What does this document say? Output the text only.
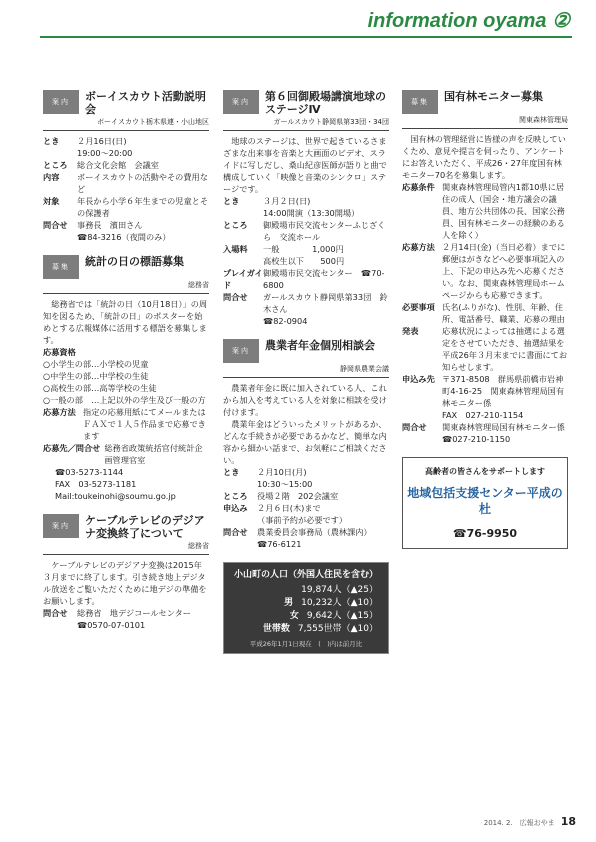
information oyama ②
案内	ボーイスカウト活動説明会
ボーイスカウト栃木県連・小山地区
とき	２月16日(日)
19:00～20:00
ところ	総合文化会館　会議室
内容	ボーイスカウトの活動やその費用など
対象	年長から小学６年生までの児童とその保護者
問合せ	事務長　濱田さん
☎84-3216（夜間のみ）
募集	統計の日の標語募集
総務省

総務省では「統計の日（10月18日）」の周知を図るため、「統計の日」のポスターを始めとする広報媒体に活用する標語を募集します。

応募資格
○小学生の部…小学校の児童
○中学生の部…中学校の生徒
○高校生の部…高等学校の生徒
○一般の部　…上記以外の学生及び一般の方
応募方法 指定の応募用紙にてメールまたはＦＡＸで１人５作品まで応募できます
応募先／問合せ 総務省政策統括官付統計企画管理官室
☎03-5273-1144
FAX　03-5273-1181
Mail:toukeinohi@soumu.go.jp
案内	ケーブルテレビのデジアナ変換終了について
総務省

ケーブルテレビのデジアナ変換は2015年３月までに終了します。引き続き地上デジタル放送をご覧いただくために地デジの準備をお願いします。

問合せ	総務省　地デジコールセンター　☎0570-07-0101
案内	第６回御殿場講演地球のステージⅣ
ガールスカウト静岡県第33団・34団

地球のステージは、世界で起きているさまざまな出来事を音楽と大画面のビデオ、スライドに写しだし、桑山紀彦医師が語りと曲で構成していく「映像と音楽のシンクロ」ステージです。

とき	３月２日(日)
14:00開演（13:30開場）
ところ	御殿場市民交流センターふじざくら　交流ホール
入場料	一般　　　　1,000円
高校生以下　　500円
プレイガイド
御殿場市民交流センター　☎70-6800
問合せ	ガールスカウト静岡県第33団　鈴木さん
☎82-0904
案内	農業者年金個別相談会
静岡県農業会議

農業者年金に既に加入されている人、これから加入を考えている人を対象に相談を受け付けます。

農業年金はどういったメリットがあるか、どんな手続きが必要であるかなど、簡単な内容から細かい話まで、お気軽にご相談ください。

とき	２月10日(月)
10:30～15:00
ところ	役場２階　202会議室
申込み	２月６日(木)まで
（事前予約が必要です）
問合せ	農業委員会事務局（農林課内）☎76-6121
小山町の人口（外国人住民を含む）
19,874人（▲25）
男 10,232人（▲10）
女 9,642人（▲15）
世帯数 7,555世帯（▲10）
平成26年1月1日現在　(　)内は前月比
募集	国有林モニター募集
関東森林管理局

国有林の管理経営に皆様の声を反映していくため、意見や提言を伺ったり、アンケートにお答えいただく、平成26・27年度国有林モニター70名を募集します。

応募条件 関東森林管理局管内1都10県に居住の成人（国会・地方議会の議員、地方公共団体の長、国家公務員、国有林モニターの経験のある人を除く）
応募方法 ２月14日(金)（当日必着）までに郵便はがきなどへ必要事項記入の上、下記の申込み先へ応募ください。なお、関東森林管理局ホームページからも応募できます。
必要事項 氏名(ふりがな)、性別、年齢、住所、電話番号、職業、応募の理由
発表	応募状況によっては抽選による選定をさせていただき、抽選結果を平成26年３月末までに書面にてお知らせします。
申込み先 〒371-8508　群馬県前橋市岩神町4-16-25　関東森林管理局国有林モニター係
FAX　027-210-1154
問合せ	関東森林管理局国有林モニター係
☎027-210-1150
高齢者の皆さんをサポートします
地域包括支援センター平成の杜
☎76-9950
2014. 2.　広報おやま 18
